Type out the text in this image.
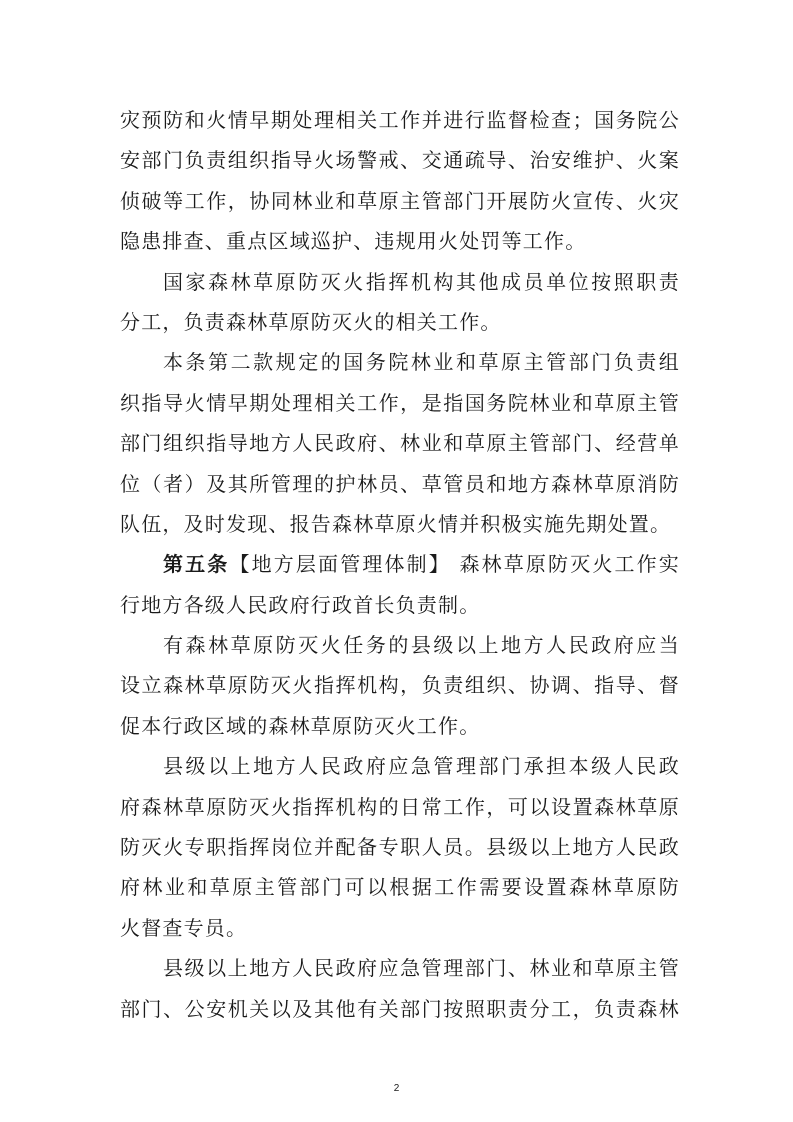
灾预防和火情早期处理相关工作并进行监督检查；国务院公
安部门负责组织指导火场警戒、交通疏导、治安维护、火案
侦破等工作，协同林业和草原主管部门开展防火宣传、火灾
隐患排查、重点区域巡护、违规用火处罚等工作。
国家森林草原防灭火指挥机构其他成员单位按照职责
分工，负责森林草原防灭火的相关工作。
本条第二款规定的国务院林业和草原主管部门负责组
织指导火情早期处理相关工作，是指国务院林业和草原主管
部门组织指导地方人民政府、林业和草原主管部门、经营单
位（者）及其所管理的护林员、草管员和地方森林草原消防
队伍，及时发现、报告森林草原火情并积极实施先期处置。
第五条【地方层面管理体制】 森林草原防灭火工作实
行地方各级人民政府行政首长负责制。
有森林草原防灭火任务的县级以上地方人民政府应当
设立森林草原防灭火指挥机构，负责组织、协调、指导、督
促本行政区域的森林草原防灭火工作。
县级以上地方人民政府应急管理部门承担本级人民政
府森林草原防灭火指挥机构的日常工作，可以设置森林草原
防灭火专职指挥岗位并配备专职人员。县级以上地方人民政
府林业和草原主管部门可以根据工作需要设置森林草原防
火督查专员。
县级以上地方人民政府应急管理部门、林业和草原主管
部门、公安机关以及其他有关部门按照职责分工，负责森林
2
